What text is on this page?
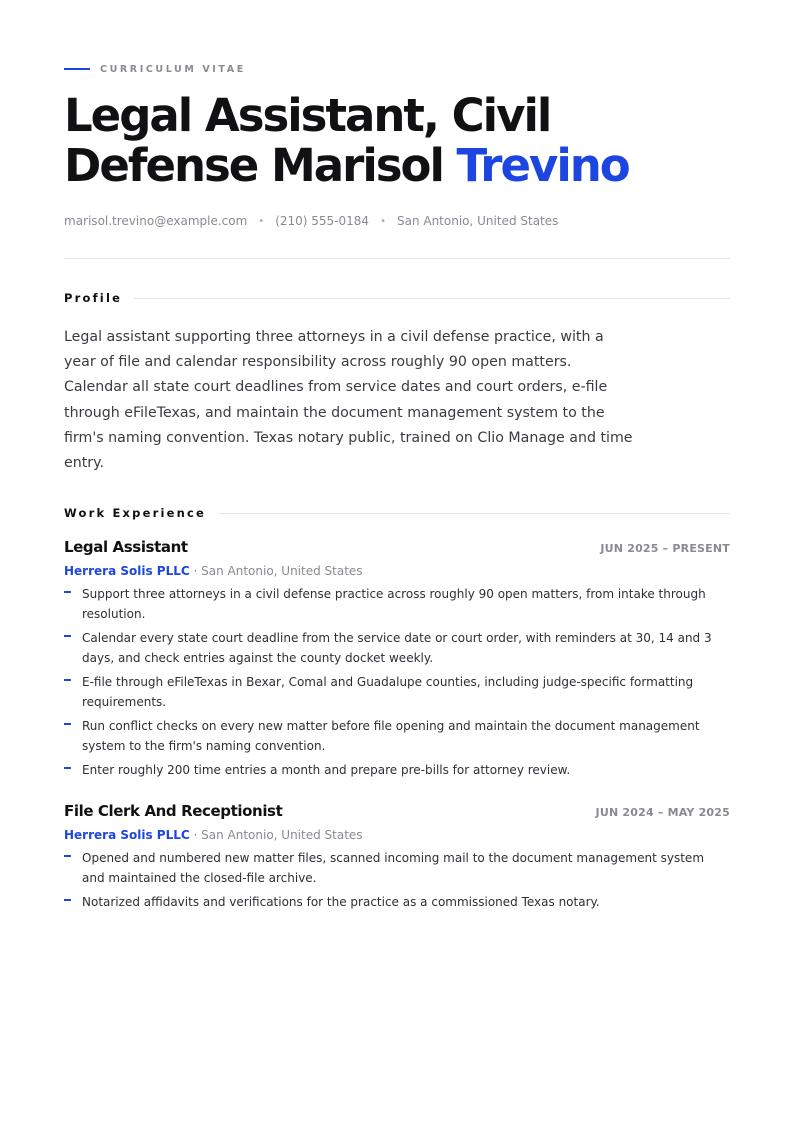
CURRICULUM VITAE
Legal Assistant, Civil Defense Marisol Trevino
marisol.trevino@example.com • (210) 555-0184 • San Antonio, United States
Profile

Legal assistant supporting three attorneys in a civil defense practice, with a year of file and calendar responsibility across roughly 90 open matters. Calendar all state court deadlines from service dates and court orders, e-file through eFileTexas, and maintain the document management system to the firm's naming convention. Texas notary public, trained on Clio Manage and time entry.

Work Experience
Legal Assistant	JUN 2025 – PRESENT
Herrera Solis PLLC · San Antonio, United States
Support three attorneys in a civil defense practice across roughly 90 open matters, from intake through resolution.
Calendar every state court deadline from the service date or court order, with reminders at 30, 14 and 3 days, and check entries against the county docket weekly.
E-file through eFileTexas in Bexar, Comal and Guadalupe counties, including judge-specific formatting requirements.
Run conflict checks on every new matter before file opening and maintain the document management system to the firm's naming convention.
Enter roughly 200 time entries a month and prepare pre-bills for attorney review.
File Clerk And Receptionist	JUN 2024 – MAY 2025
Herrera Solis PLLC · San Antonio, United States
Opened and numbered new matter files, scanned incoming mail to the document management system and maintained the closed-file archive.
Notarized affidavits and verifications for the practice as a commissioned Texas notary.
